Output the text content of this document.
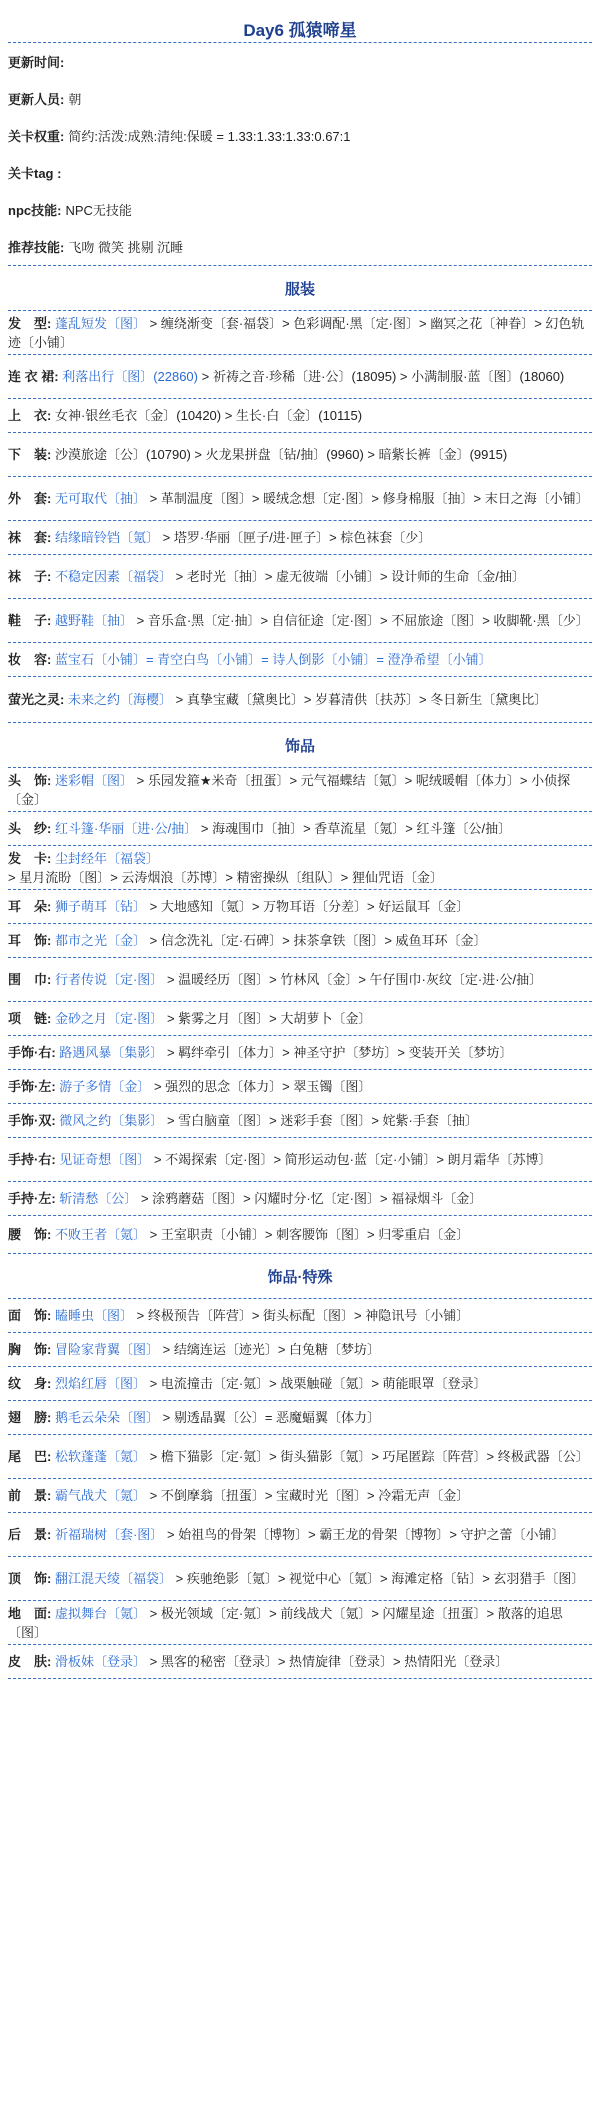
Day6 孤猿啼星
更新时间:
更新人员: 朝
关卡权重: 简约:活泼:成熟:清纯:保暖 = 1.33:1.33:1.33:0.67:1
关卡tag :
npc技能: NPC无技能
推荐技能: 飞吻 微笑 挑剔 沉睡
服装
发　型: 蓬乱短发〔图〕 > 缠绕渐变〔套·福袋〕> 色彩调配·黑〔定·图〕> 幽冥之花〔神眷〕> 幻色轨迹〔小铺〕
连 衣 裙: 利落出行〔图〕(22860) > 祈祷之音·珍稀〔进·公〕(18095) > 小满制服·蓝〔图〕(18060)
上　衣: 女神·银丝毛衣〔金〕(10420) > 生长·白〔金〕(10115)
下　装: 沙漠旅途〔公〕(10790) > 火龙果拼盘〔钻/抽〕(9960) > 暗紫长裤〔金〕(9915)
外　套: 无可取代〔抽〕 > 革制温度〔图〕> 暖绒念想〔定·图〕> 修身棉服〔抽〕> 末日之海〔小铺〕
袜　套: 结缘暗铃铛〔氪〕 > 塔罗·华丽〔匣子/进·匣子〕> 棕色袜套〔少〕
袜　子: 不稳定因素〔福袋〕 > 老时光〔抽〕> 虚无彼端〔小铺〕> 设计师的生命〔金/抽〕
鞋　子: 越野鞋〔抽〕 > 音乐盒·黑〔定·抽〕> 自信征途〔定·图〕> 不屈旅途〔图〕> 收脚靴·黑〔少〕
妆　容: 蓝宝石〔小铺〕= 青空白鸟〔小铺〕= 诗人倒影〔小铺〕= 澄净希望〔小铺〕
萤光之灵: 未来之约〔海樱〕 > 真挚宝藏〔黛奥比〕> 岁暮清供〔扶苏〕> 冬日新生〔黛奥比〕
饰品
头　饰: 迷彩帽〔图〕 > 乐园发箍★米奇〔扭蛋〕> 元气福蝶结〔氪〕> 呢绒暖帽〔体力〕> 小侦探〔金〕
头　纱: 红斗篷·华丽〔进·公/抽〕 > 海魂围巾〔抽〕> 香草流星〔氪〕> 红斗篷〔公/抽〕
发　卡: 尘封经年〔福袋〕 > 星月流盼〔图〕> 云涛烟浪〔苏博〕> 精密操纵〔组队〕> 狸仙咒语〔金〕
耳　朵: 狮子萌耳〔钻〕 > 大地感知〔氪〕> 万物耳语〔分差〕> 好运鼠耳〔金〕
耳　饰: 都市之光〔金〕 > 信念洗礼〔定·石碑〕> 抹茶拿铁〔图〕> 威鱼耳环〔金〕
围　巾: 行者传说〔定·图〕 > 温暖经历〔图〕> 竹林风〔金〕> 午仔围巾·灰纹〔定·进·公/抽〕
项　链: 金砂之月〔定·图〕 > 紫雾之月〔图〕> 大胡萝卜〔金〕
手饰·右: 路遇风暴〔集影〕 > 羁绊牵引〔体力〕> 神圣守护〔梦坊〕> 变装开关〔梦坊〕
手饰·左: 游子多情〔金〕 > 强烈的思念〔体力〕> 翠玉镯〔图〕
手饰·双: 微风之约〔集影〕 > 雪白脑童〔图〕> 迷彩手套〔图〕> 姹紫·手套〔抽〕
手持·右: 见证奇想〔图〕 > 不竭探索〔定·图〕> 简形运动包·蓝〔定·小铺〕> 朗月霜华〔苏博〕
手持·左: 斩清愁〔公〕 > 涂鸦蘑菇〔图〕> 闪耀时分·忆〔定·图〕> 福禄烟斗〔金〕
腰　饰: 不败王者〔氪〕 > 王室职责〔小铺〕> 刺客腰饰〔图〕> 归零重启〔金〕
饰品·特殊
面　饰: 瞌睡虫〔图〕 > 终极预告〔阵营〕> 街头标配〔图〕> 神隐讯号〔小铺〕
胸　饰: 冒险家背翼〔图〕 > 结缡连运〔迹光〕> 白兔糖〔梦坊〕
纹　身: 烈焰红唇〔图〕 > 电流撞击〔定·氪〕> 战栗触碰〔氪〕> 萌能眼罩〔登录〕
翅　膀: 鹅毛云朵朵〔图〕 > 剔透晶翼〔公〕= 恶魔蝠翼〔体力〕
尾　巴: 松软蓬蓬〔氪〕 > 檐下猫影〔定·氪〕> 街头猫影〔氪〕> 巧尾匿踪〔阵营〕> 终极武器〔公〕
前　景: 霸气战犬〔氪〕 > 不倒摩翁〔扭蛋〕> 宝藏时光〔图〕> 冷霜无声〔金〕
后　景: 祈福瑞树〔套·图〕 > 始祖鸟的骨架〔博物〕> 霸王龙的骨架〔博物〕> 守护之蕾〔小铺〕
顶　饰: 翻江混天绫〔福袋〕 > 疾驰绝影〔氪〕> 视觉中心〔氪〕> 海滩定格〔钻〕> 玄羽猎手〔图〕
地　面: 虚拟舞台〔氪〕 > 极光领域〔定·氪〕> 前线战犬〔氪〕> 闪耀星途〔扭蛋〕> 散落的追思〔图〕
皮　肤: 滑板妹〔登录〕 > 黑客的秘密〔登录〕> 热情旋律〔登录〕> 热情阳光〔登录〕
